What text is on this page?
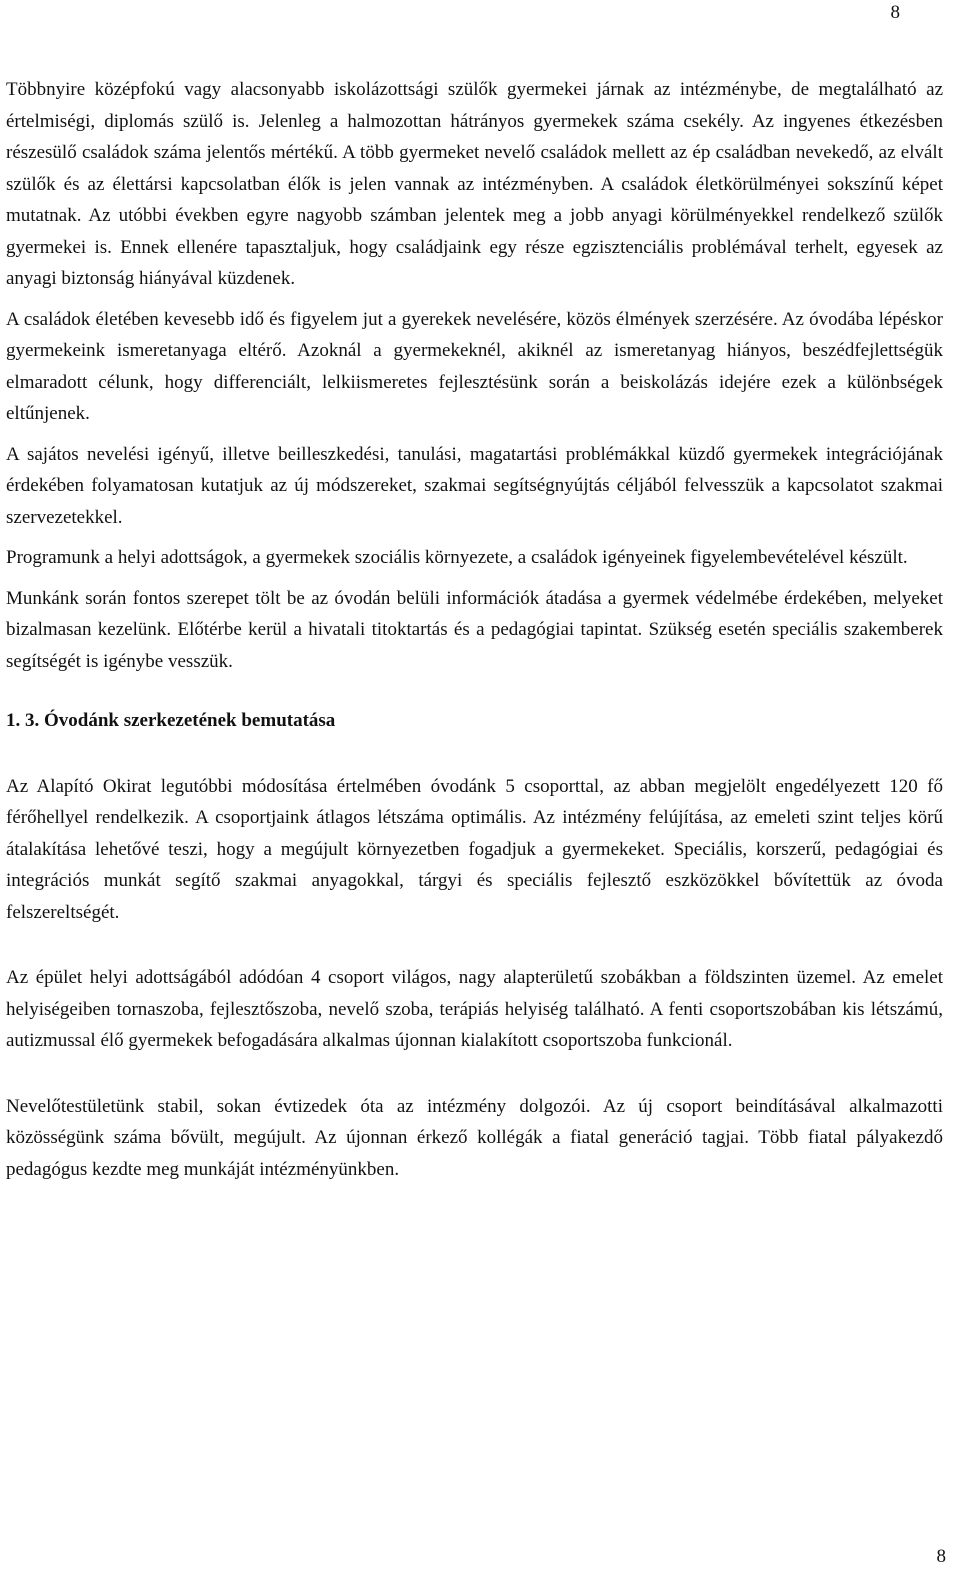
8

Többnyire középfokú vagy alacsonyabb iskolázottsági szülők gyermekei járnak az intézménybe, de megtalálható az értelmiségi, diplomás szülő is. Jelenleg a halmozottan hátrányos gyermekek száma csekély. Az ingyenes étkezésben részesülő családok száma jelentős mértékű. A több gyermeket nevelő családok mellett az ép családban nevekedő, az elvált szülők és az élettársi kapcsolatban élők is jelen vannak az intézményben. A családok életkörülményei sokszínű képet mutatnak. Az utóbbi években egyre nagyobb számban jelentek meg a jobb anyagi körülményekkel rendelkező szülők gyermekei is. Ennek ellenére tapasztaljuk, hogy családjaink egy része egzisztenciális problémával terhelt, egyesek az anyagi biztonság hiányával küzdenek.

A családok életében kevesebb idő és figyelem jut a gyerekek nevelésére, közös élmények szerzésére. Az óvodába lépéskor gyermekeink ismeretanyaga eltérő. Azoknál a gyermekeknél, akiknél az ismeretanyag hiányos, beszédfejlettségük elmaradott célunk, hogy differenciált, lelkiismeretes fejlesztésünk során a beiskolázás idejére ezek a különbségek eltűnjenek.

A sajátos nevelési igényű, illetve beilleszkedési, tanulási, magatartási problémákkal küzdő gyermekek integrációjának érdekében folyamatosan kutatjuk az új módszereket, szakmai segítségnyújtás céljából felvesszük a kapcsolatot szakmai szervezetekkel.

Programunk a helyi adottságok, a gyermekek szociális környezete, a családok igényeinek figyelembevételével készült.

Munkánk során fontos szerepet tölt be az óvodán belüli információk átadása a gyermek védelmébe érdekében, melyeket bizalmasan kezelünk. Előtérbe kerül a hivatali titoktartás és a pedagógiai tapintat. Szükség esetén speciális szakemberek segítségét is igénybe vesszük.

1. 3. Óvodánk szerkezetének bemutatása

Az Alapító Okirat legutóbbi módosítása értelmében óvodánk 5 csoporttal, az abban megjelölt engedélyezett 120 fő férőhellyel rendelkezik. A csoportjaink átlagos létszáma optimális. Az intézmény felújítása, az emeleti szint teljes körű átalakítása lehetővé teszi, hogy a megújult környezetben fogadjuk a gyermekeket. Speciális, korszerű, pedagógiai és integrációs munkát segítő szakmai anyagokkal, tárgyi és speciális fejlesztő eszközökkel bővítettük az óvoda felszereltségét.

Az épület helyi adottságából adódóan 4 csoport világos, nagy alapterületű szobákban a földszinten üzemel. Az emelet helyiségeiben tornaszoba, fejlesztőszoba, nevelő szoba, terápiás helyiség található. A fenti csoportszobában kis létszámú, autizmussal élő gyermekek befogadására alkalmas újonnan kialakított csoportszoba funkcionál.

Nevelőtestületünk stabil, sokan évtizedek óta az intézmény dolgozói. Az új csoport beindításával alkalmazotti közösségünk száma bővült, megújult. Az újonnan érkező kollégák a fiatal generáció tagjai. Több fiatal pályakezdő pedagógus kezdte meg munkáját intézményünkben.

8
